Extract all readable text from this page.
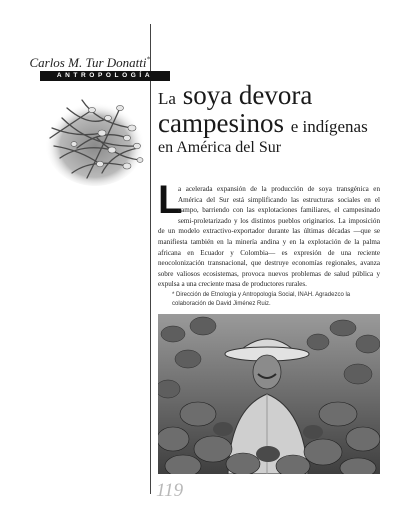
Carlos M. Tur Donatti*
ANTROPOLOGÍA
La soya devora
campesinos e indígenas
en América del Sur
L
a acelerada expansión de la producción de soya transgénica en América del Sur está simplificando las estructuras sociales en el campo, barriendo con las explotaciones familiares, el campesinado semi-proletarizado y los distintos pueblos originarios. La imposición de un modelo extractivo-exportador durante las últimas décadas —que se manifiesta también en la minería andina y en la explotación de la palma africana en Ecuador y Colombia— es expresión de una reciente neocolonización transnacional, que destruye economías regionales, avanza sobre valiosos ecosistemas, provoca nuevos problemas de salud pública y expulsa a una creciente masa de productores rurales.
* Dirección de Etnología y Antropología Social, INAH. Agradezco la colaboración de David Jiménez Ruiz.
119
